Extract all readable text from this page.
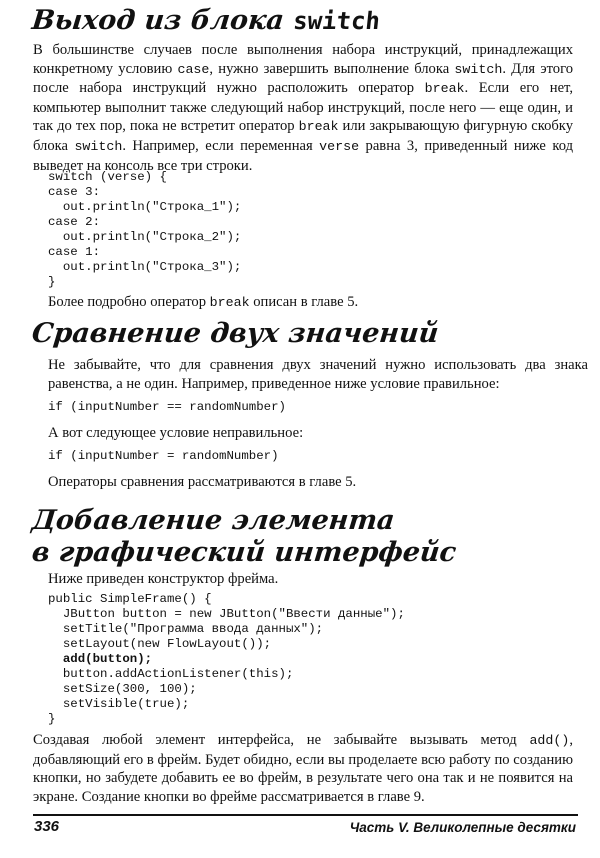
Выход из блока switch

В большинстве случаев после выполнения набора инструкций, принадлежащих конкретному условию case, нужно завершить выполнение блока switch. Для этого после набора инструкций нужно расположить оператор break. Если его нет, компьютер выполнит также следующий набор инструкций, после него — еще один, и так до тех пор, пока не встретит оператор break или закрывающую фигурную скобку блока switch. Например, если переменная verse равна 3, приведенный ниже код выведет на консоль все три строки.

switch (verse) {
case 3:
out.println("Строка_1");
case 2:
out.println("Строка_2");
case 1:
out.println("Строка_3");
}

Более подробно оператор break описан в главе 5.

Сравнение двух значений

Не забывайте, что для сравнения двух значений нужно использовать два знака равенства, а не один. Например, приведенное ниже условие правильное:

if (inputNumber == randomNumber)

А вот следующее условие неправильное:

if (inputNumber = randomNumber)

Операторы сравнения рассматриваются в главе 5.

Добавление элемента
в графический интерфейс

Ниже приведен конструктор фрейма.

public SimpleFrame() {
JButton button = new JButton("Ввести данные");
setTitle("Программа ввода данных");
setLayout(new FlowLayout());
add(button);
button.addActionListener(this);
setSize(300, 100);
setVisible(true);
}

Создавая любой элемент интерфейса, не забывайте вызывать метод add(), добавляющий его в фрейм. Будет обидно, если вы проделаете всю работу по созданию кнопки, но забудете добавить ее во фрейм, в результате чего она так и не появится на экране. Создание кнопки во фрейме рассматривается в главе 9.

336	Часть V. Великолепные десятки
